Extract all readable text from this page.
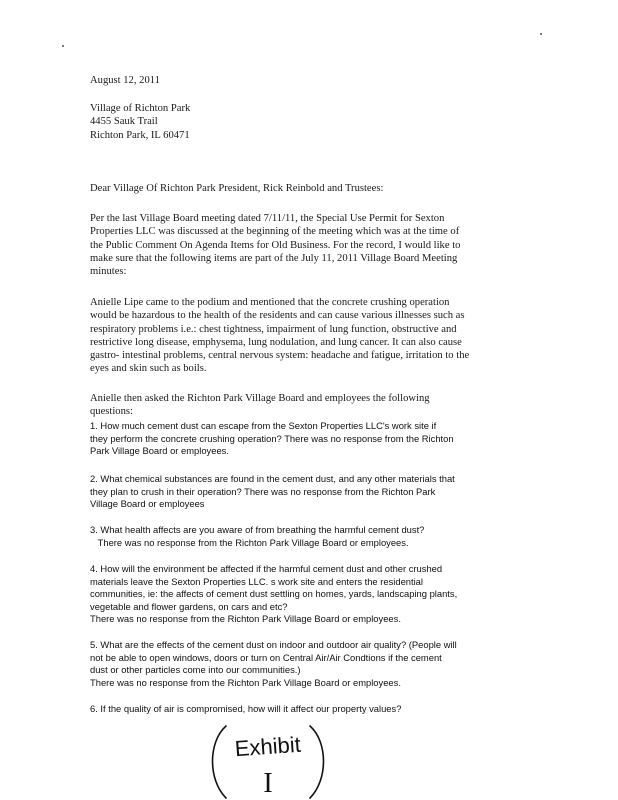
August 12, 2011

Village of Richton Park
4455 Sauk Trail
Richton Park, IL 60471

Dear Village Of Richton Park President, Rick Reinbold and Trustees:

Per the last Village Board meeting dated 7/11/11, the Special Use Permit for Sexton
Properties LLC was discussed at the beginning of the meeting which was at the time of
the Public Comment On Agenda Items for Old Business. For the record, I would like to
make sure that the following items are part of the July 11, 2011 Village Board Meeting
minutes:
Anielle Lipe came to the podium and mentioned that the concrete crushing operation
would be hazardous to the health of the residents and can cause various illnesses such as
respiratory problems i.e.: chest tightness, impairment of lung function, obstructive and
restrictive long disease, emphysema, lung nodulation, and lung cancer. It can also cause
gastro- intestinal problems, central nervous system: headache and fatigue, irritation to the
eyes and skin such as boils.
Anielle then asked the Richton Park Village Board and employees the following
questions:
1. How much cement dust can escape from the Sexton Properties LLC's work site if
they perform the concrete crushing operation? There was no response from the Richton
Park Village Board or employees.
2. What chemical substances are found in the cement dust, and any other materials that
they plan to crush in their operation? There was no response from the Richton Park
Village Board or employees
3. What health affects are you aware of from breathing the harmful cement dust?
There was no response from the Richton Park Village Board or employees.
4. How will the environment be affected if the harmful cement dust and other crushed
materials leave the Sexton Properties LLC. s work site and enters the residential
communities, ie: the affects of cement dust settling on homes, yards, landscaping plants,
vegetable and flower gardens, on cars and etc?
There was no response from the Richton Park Village Board or employees.
5. What are the effects of the cement dust on indoor and outdoor air quality? (People will
not be able to open windows, doors or turn on Central Air/Air Condtions if the cement
dust or other particles come into our communities.)
There was no response from the Richton Park Village Board or employees.
6. If the quality of air is compromised, how will it affect our property values?
Exhibit
I
